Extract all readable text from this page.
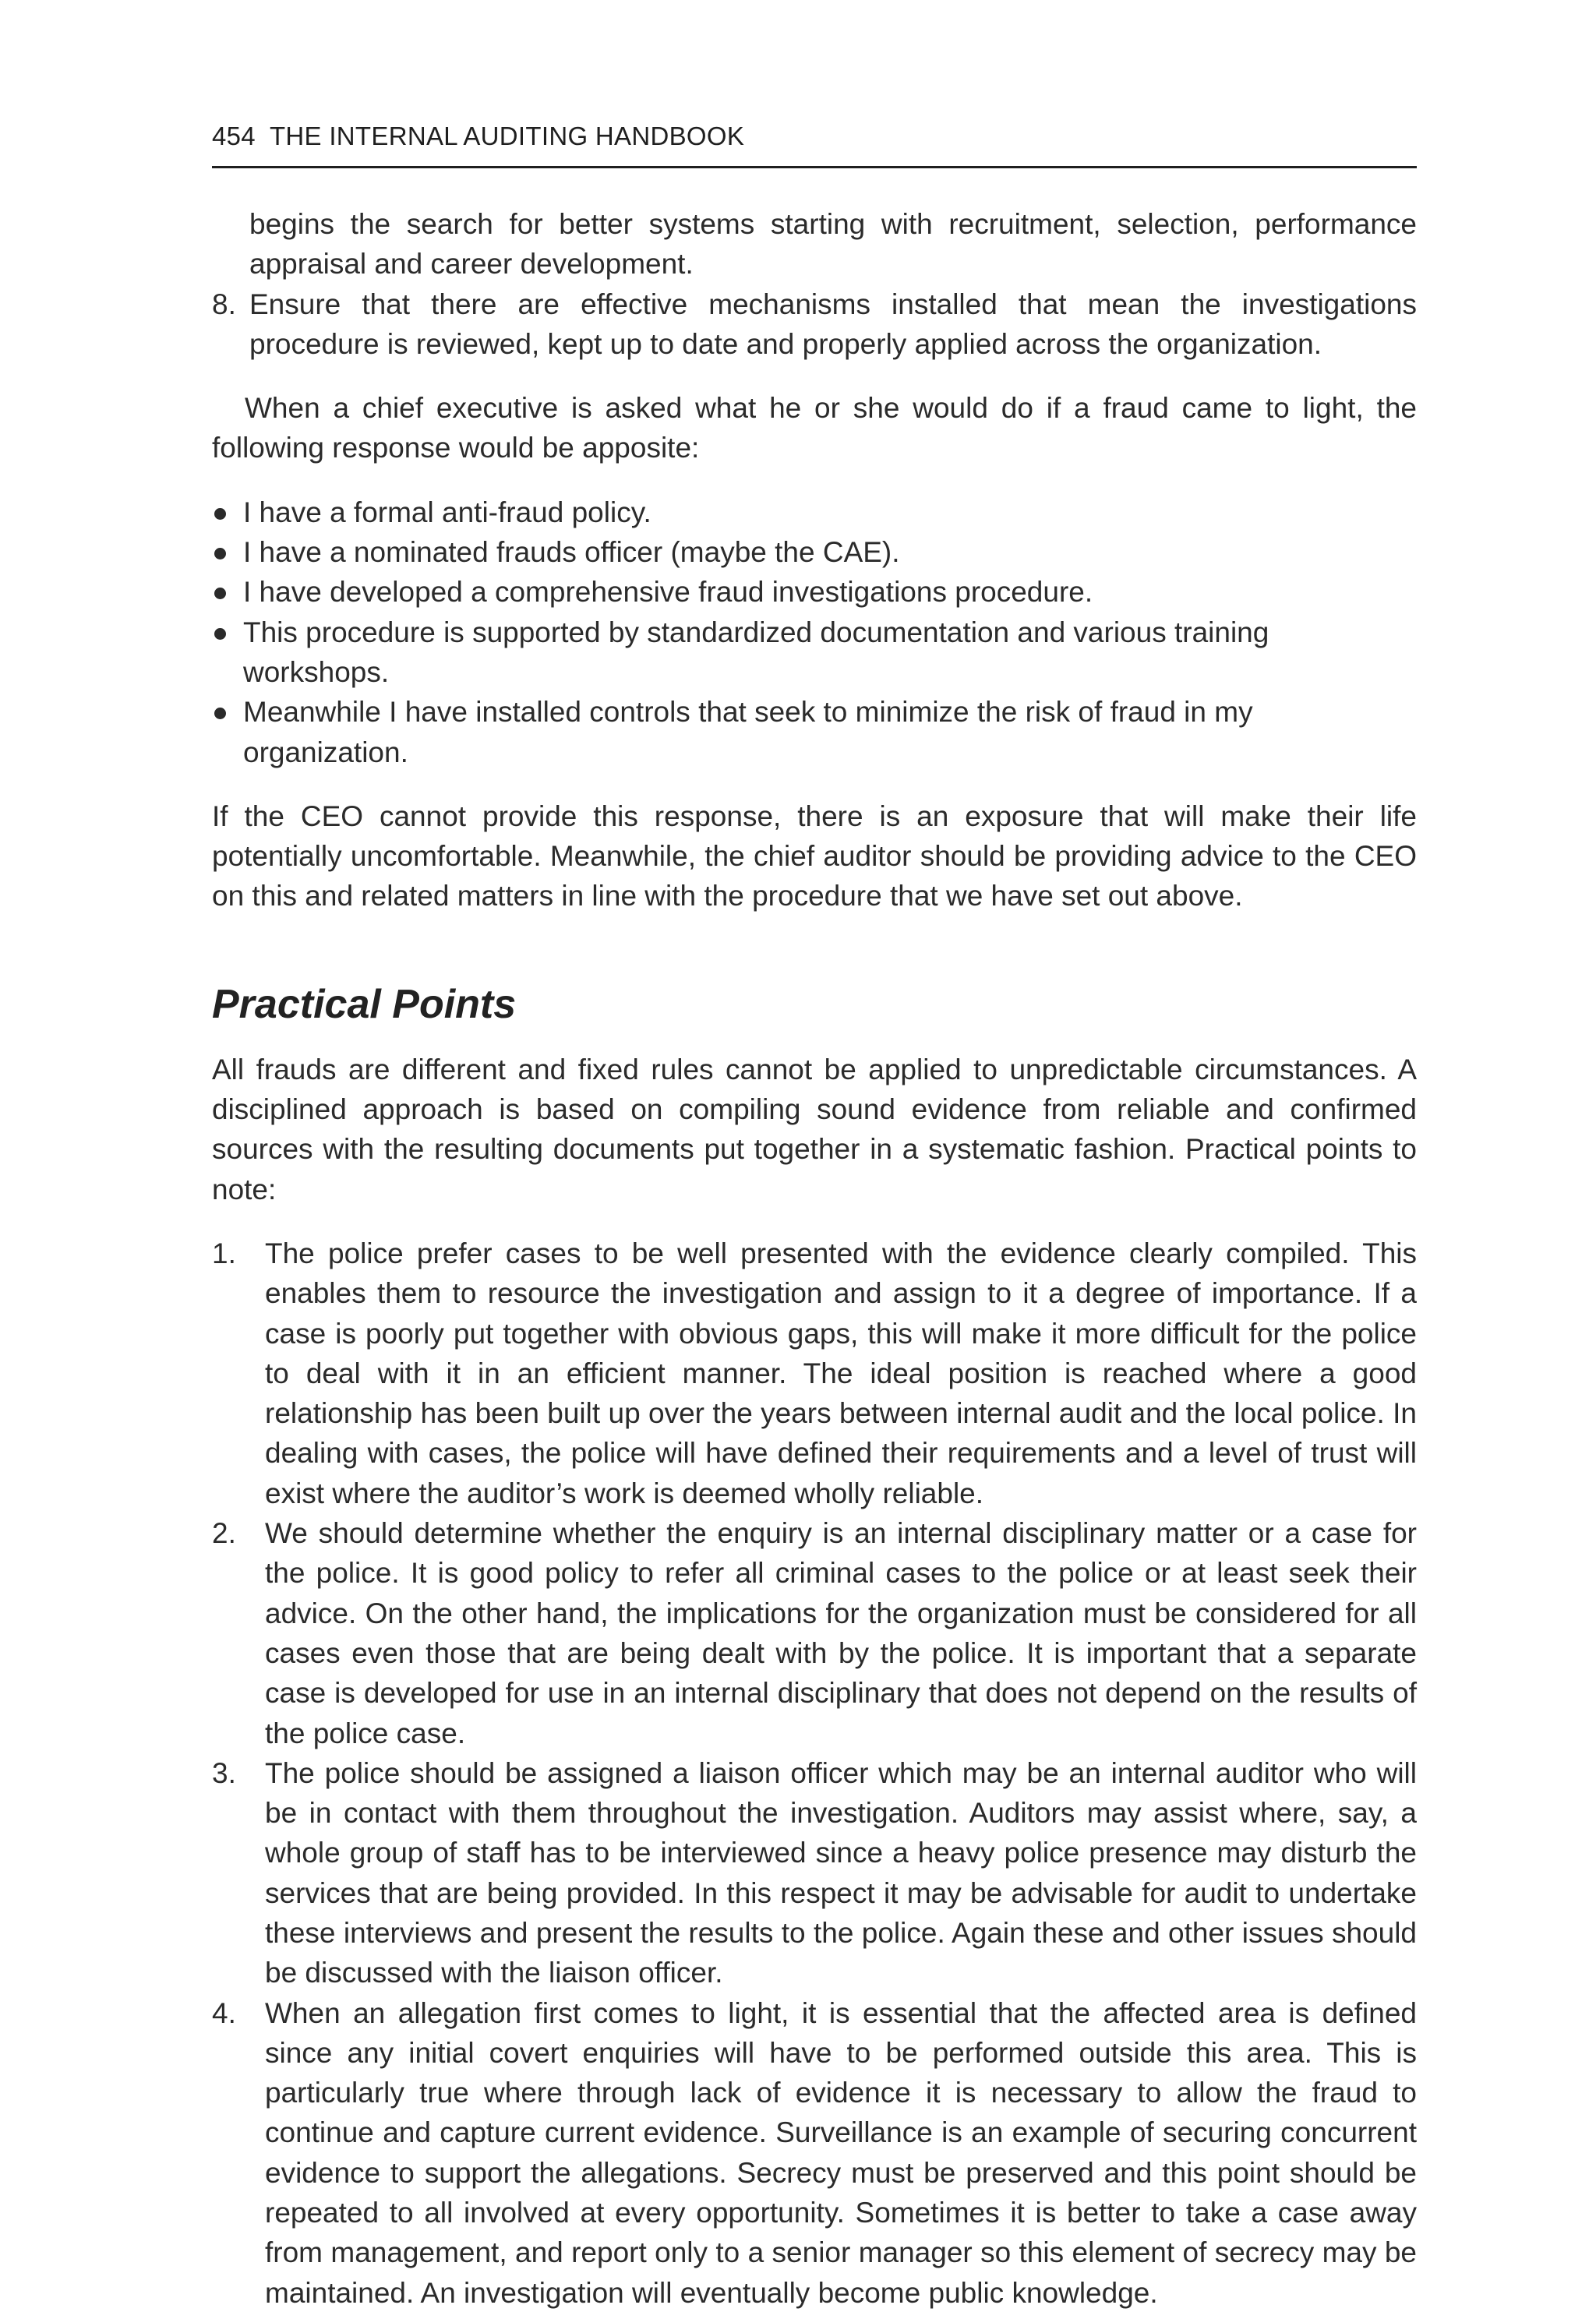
454 THE INTERNAL AUDITING HANDBOOK

begins the search for better systems starting with recruitment, selection, performance appraisal and career development.

8. Ensure that there are effective mechanisms installed that mean the investigations procedure is reviewed, kept up to date and properly applied across the organization.

When a chief executive is asked what he or she would do if a fraud came to light, the following response would be apposite:

I have a formal anti-fraud policy.
I have a nominated frauds officer (maybe the CAE).
I have developed a comprehensive fraud investigations procedure.
This procedure is supported by standardized documentation and various training workshops.
Meanwhile I have installed controls that seek to minimize the risk of fraud in my organization.

If the CEO cannot provide this response, there is an exposure that will make their life potentially uncomfortable. Meanwhile, the chief auditor should be providing advice to the CEO on this and related matters in line with the procedure that we have set out above.

Practical Points

All frauds are different and fixed rules cannot be applied to unpredictable circumstances. A disciplined approach is based on compiling sound evidence from reliable and confirmed sources with the resulting documents put together in a systematic fashion. Practical points to note:

1. The police prefer cases to be well presented with the evidence clearly compiled. This enables them to resource the investigation and assign to it a degree of importance. If a case is poorly put together with obvious gaps, this will make it more difficult for the police to deal with it in an efficient manner. The ideal position is reached where a good relationship has been built up over the years between internal audit and the local police. In dealing with cases, the police will have defined their requirements and a level of trust will exist where the auditor’s work is deemed wholly reliable.

2. We should determine whether the enquiry is an internal disciplinary matter or a case for the police. It is good policy to refer all criminal cases to the police or at least seek their advice. On the other hand, the implications for the organization must be considered for all cases even those that are being dealt with by the police. It is important that a separate case is developed for use in an internal disciplinary that does not depend on the results of the police case.

3. The police should be assigned a liaison officer which may be an internal auditor who will be in contact with them throughout the investigation. Auditors may assist where, say, a whole group of staff has to be interviewed since a heavy police presence may disturb the services that are being provided. In this respect it may be advisable for audit to undertake these interviews and present the results to the police. Again these and other issues should be discussed with the liaison officer.

4. When an allegation first comes to light, it is essential that the affected area is defined since any initial covert enquiries will have to be performed outside this area. This is particularly true where through lack of evidence it is necessary to allow the fraud to continue and capture current evidence. Surveillance is an example of securing concurrent evidence to support the allegations. Secrecy must be preserved and this point should be repeated to all involved at every opportunity. Sometimes it is better to take a case away from management, and report only to a senior manager so this element of secrecy may be maintained. An investigation will eventually become public knowledge.
